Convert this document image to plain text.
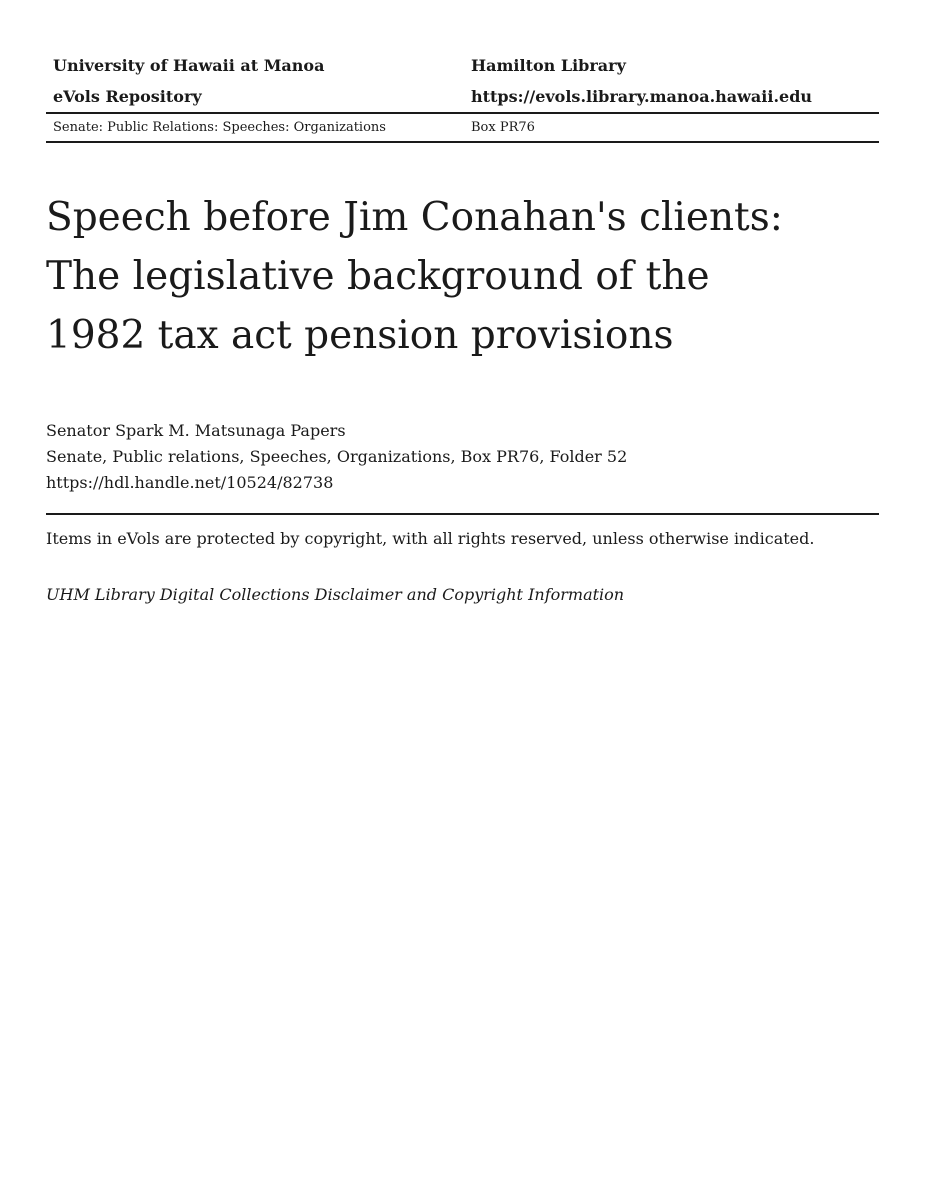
University of Hawaii at Manoa	Hamilton Library
eVols Repository	https://evols.library.manoa.hawaii.edu
Senate: Public Relations: Speeches: Organizations	Box PR76
Speech before Jim Conahan's clients:
The legislative background of the
1982 tax act pension provisions
Senator Spark M. Matsunaga Papers
Senate, Public relations, Speeches, Organizations, Box PR76, Folder 52
https://hdl.handle.net/10524/82738
Items in eVols are protected by copyright, with all rights reserved, unless otherwise indicated.
UHM Library Digital Collections Disclaimer and Copyright Information
